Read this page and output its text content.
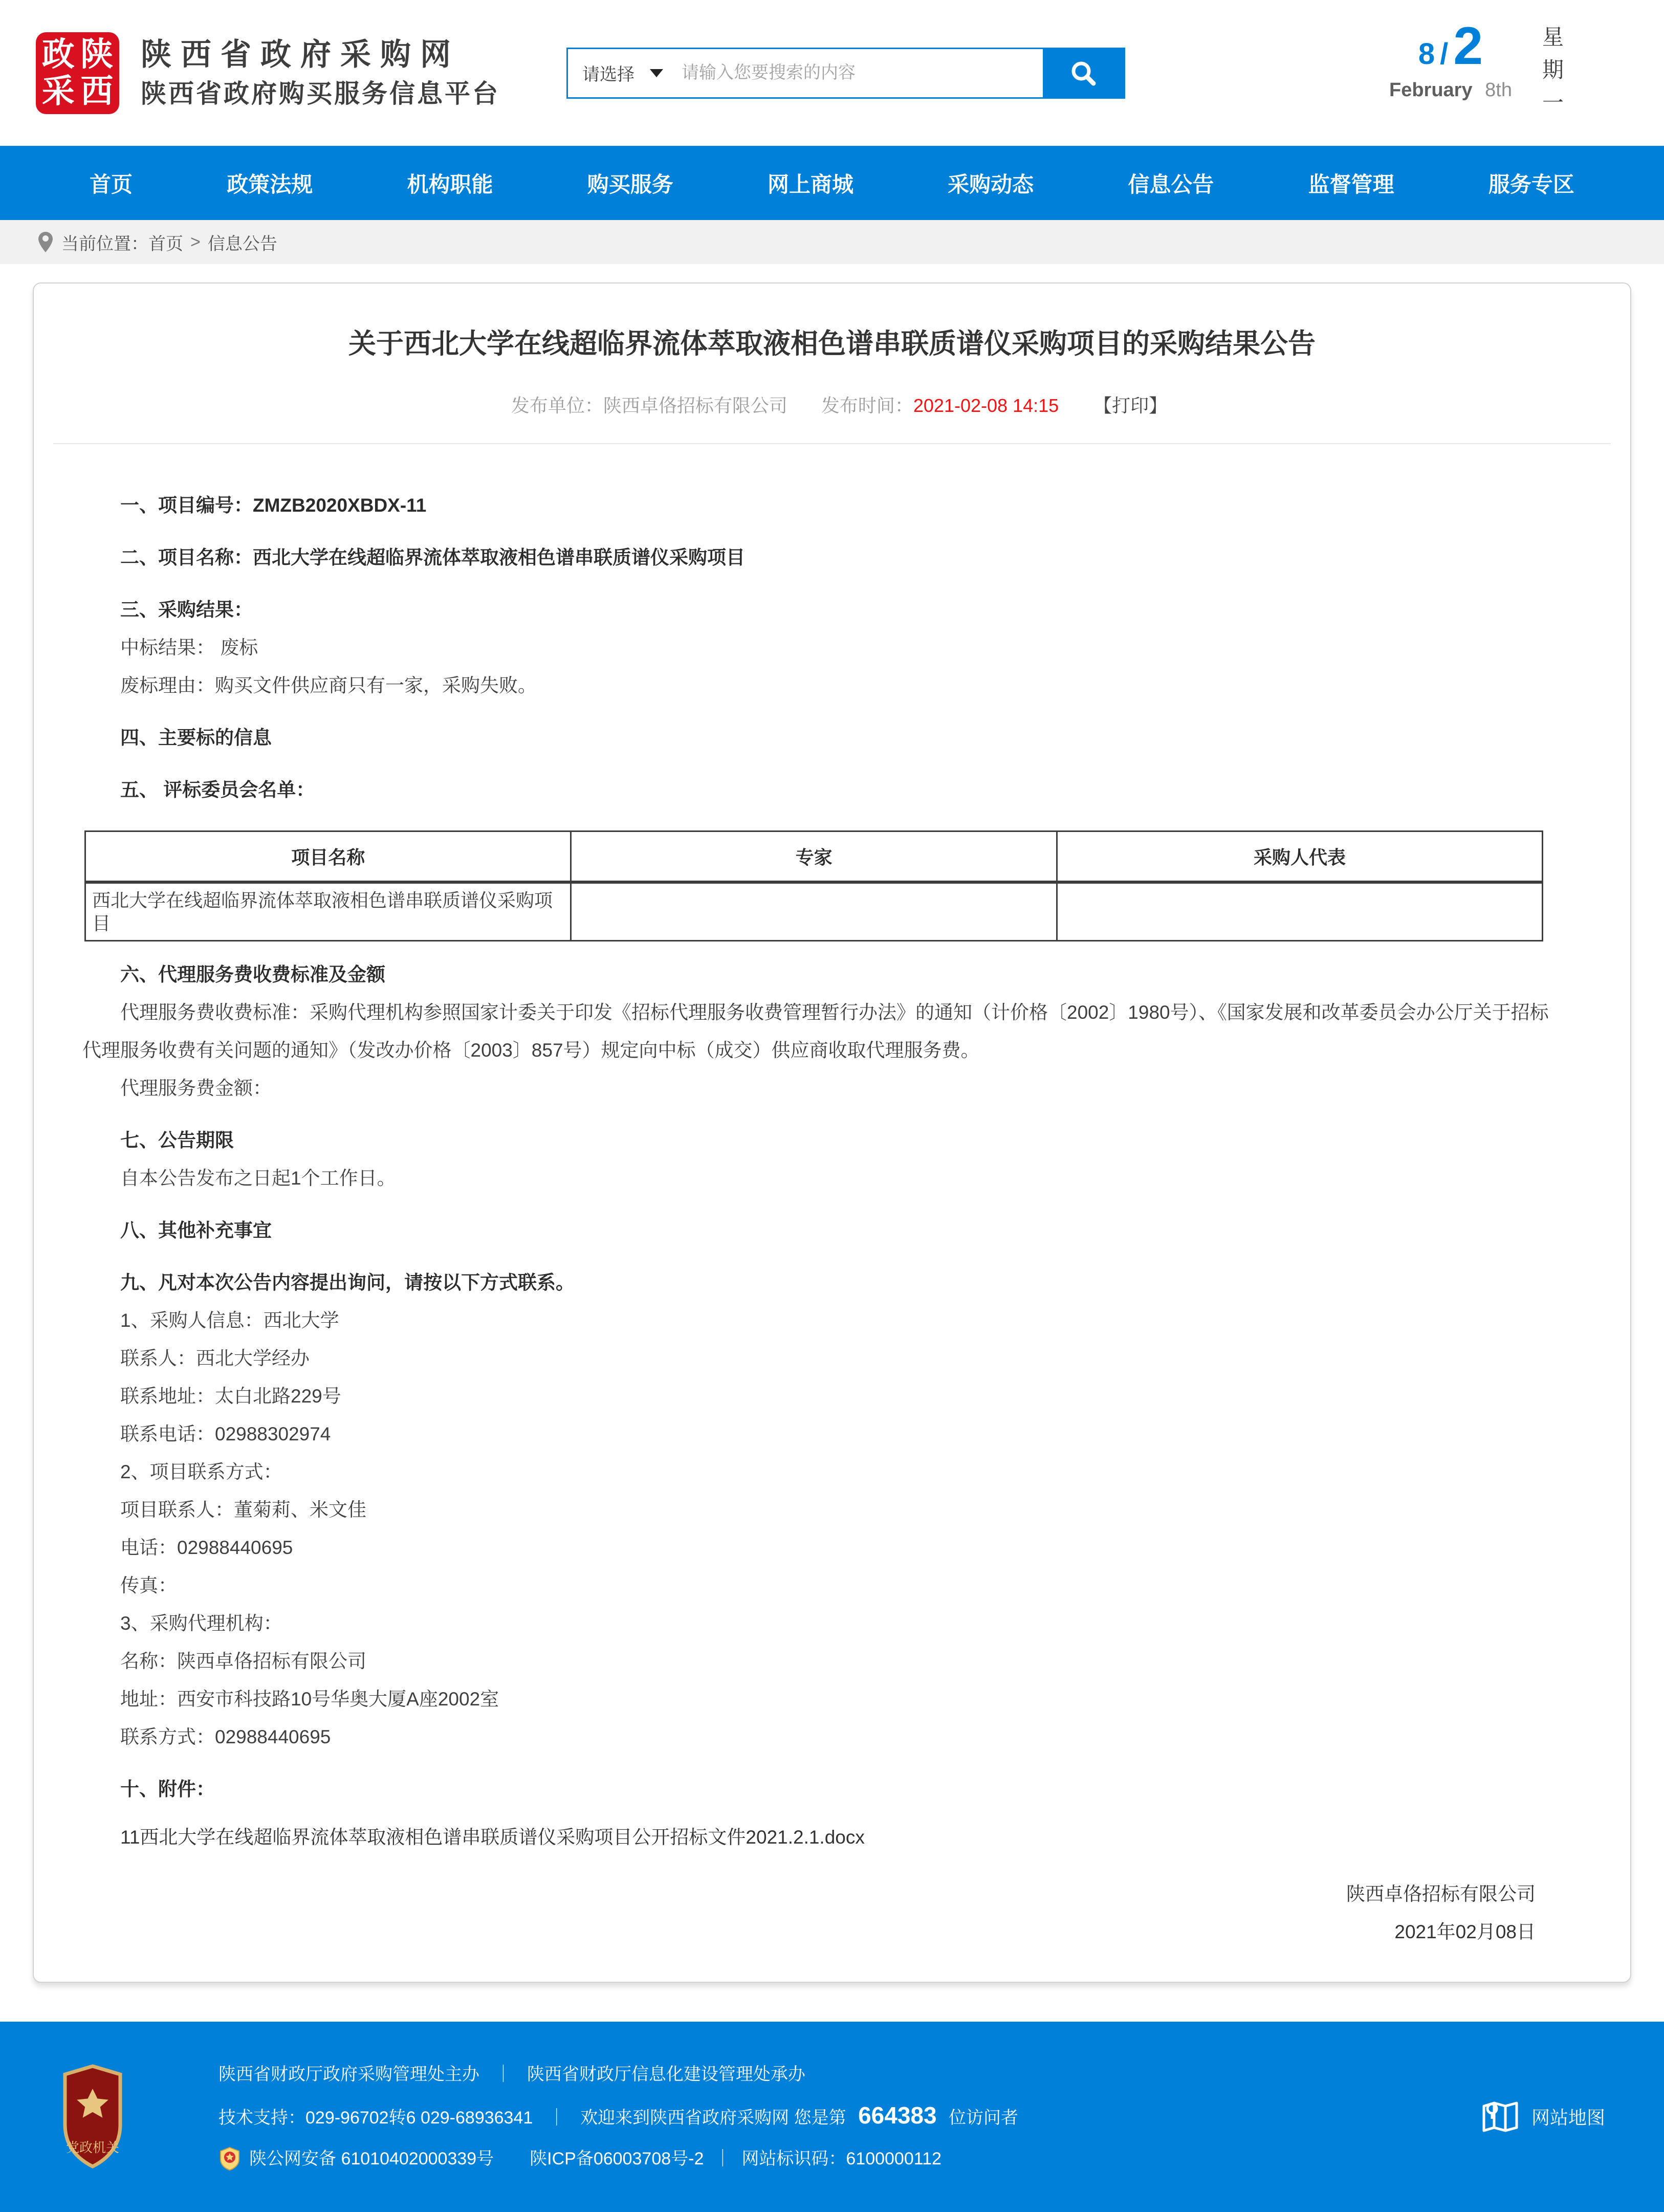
政 陕
采 西
陕西省政府采购网
陕西省政府购买服务信息平台
请选择
请输入您要搜索的内容
8 / 2
February 8th 星期一
首页	政策法规	机构职能	购买服务	网上商城	采购动态	信息公告	监督管理	服务专区
当前位置： 首页 > 信息公告
关于西北大学在线超临界流体萃取液相色谱串联质谱仪采购项目的采购结果公告
发布单位：陕西卓佫招标有限公司 发布时间：2021-02-08 14:15 【打印】

一、项目编号：ZMZB2020XBDX-11

二、项目名称：西北大学在线超临界流体萃取液相色谱串联质谱仪采购项目

三、采购结果：

中标结果： 废标

废标理由：购买文件供应商只有一家，采购失败。

四、主要标的信息

五、 评标委员会名单：

项目名称	专家	采购人代表
西北大学在线超临界流体萃取液相色谱串联质谱仪采购项目		

六、代理服务费收费标准及金额

代理服务费收费标准：采购代理机构参照国家计委关于印发《招标代理服务收费管理暂行办法》的通知（计价格〔2002〕1980号）、《国家发展和改革委员会办公厅关于招标代理服务收费有关问题的通知》（发改办价格〔2003〕857号）规定向中标（成交）供应商收取代理服务费。

代理服务费金额：

七、公告期限

自本公告发布之日起1个工作日。

八、其他补充事宜

九、凡对本次公告内容提出询问，请按以下方式联系。

1、采购人信息：西北大学

联系人：西北大学经办

联系地址：太白北路229号

联系电话：02988302974

2、项目联系方式：

项目联系人：董菊莉、米文佳

电话：02988440695

传真：

3、采购代理机构：

名称：陕西卓佫招标有限公司

地址：西安市科技路10号华奥大厦A座2002室

联系方式：02988440695

十、附件：

11西北大学在线超临界流体萃取液相色谱串联质谱仪采购项目公开招标文件2021.2.1.docx

陕西卓佫招标有限公司
2021年02月08日
党政机关
陕西省财政厅政府采购管理处主办 ｜ 陕西省财政厅信息化建设管理处承办
技术支持：029-96702转6 029-68936341 ｜ 欢迎来到陕西省政府采购网 您是第 664383 位访问者
陕公网安备 61010402000339号 陕ICP备06003708号-2 ｜ 网站标识码：6100000112
网站地图
